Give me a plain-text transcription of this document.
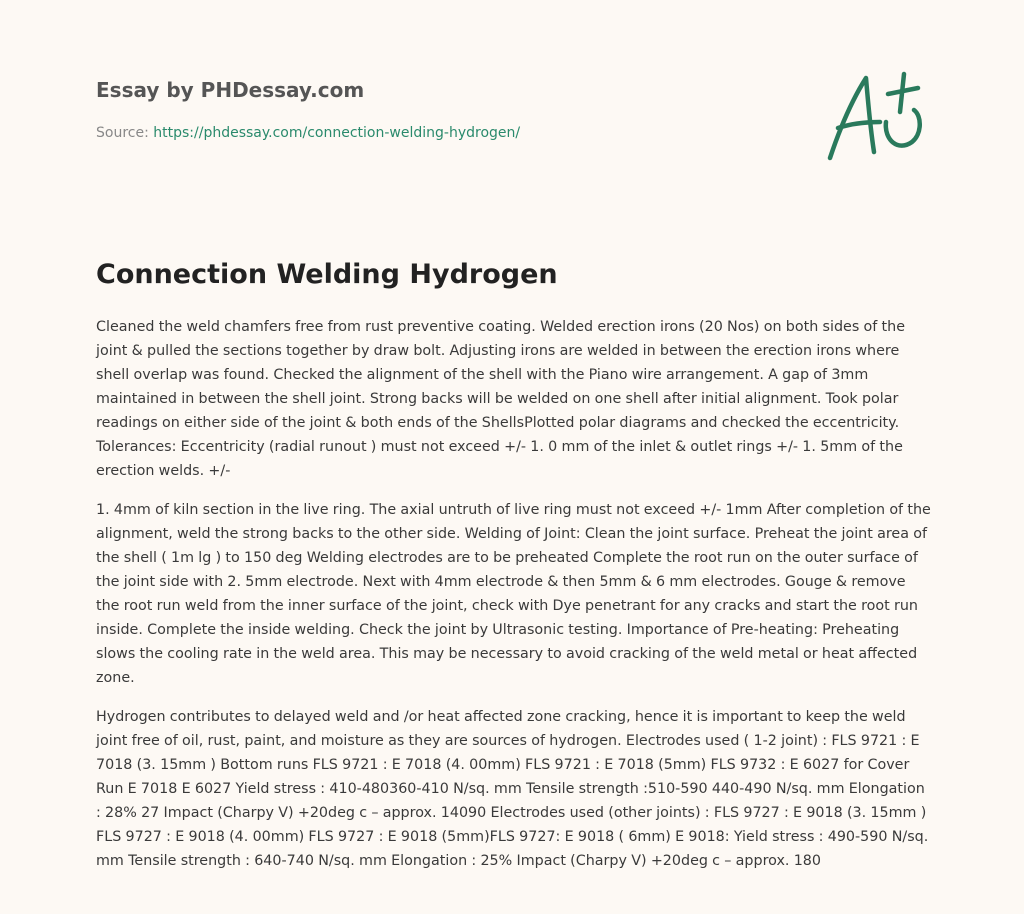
Essay by PHDessay.com
Source: https://phdessay.com/connection-welding-hydrogen/
Connection Welding Hydrogen

Cleaned the weld chamfers free from rust preventive coating. Welded erection irons (20 Nos) on both sides of the joint & pulled the sections together by draw bolt. Adjusting irons are welded in between the erection irons where shell overlap was found. Checked the alignment of the shell with the Piano wire arrangement. A gap of 3mm maintained in between the shell joint. Strong backs will be welded on one shell after initial alignment. Took polar readings on either side of the joint & both ends of the ShellsPlotted polar diagrams and checked the eccentricity. Tolerances: Eccentricity (radial runout ) must not exceed +/- 1. 0 mm of the inlet & outlet rings +/- 1. 5mm of the erection welds. +/-

1. 4mm of kiln section in the live ring. The axial untruth of live ring must not exceed +/- 1mm After completion of the alignment, weld the strong backs to the other side. Welding of Joint: Clean the joint surface. Preheat the joint area of the shell ( 1m lg ) to 150 deg Welding electrodes are to be preheated Complete the root run on the outer surface of the joint side with 2. 5mm electrode. Next with 4mm electrode & then 5mm & 6 mm electrodes. Gouge & remove the root run weld from the inner surface of the joint, check with Dye penetrant for any cracks and start the root run inside. Complete the inside welding. Check the joint by Ultrasonic testing. Importance of Pre-heating: Preheating slows the cooling rate in the weld area. This may be necessary to avoid cracking of the weld metal or heat affected zone.

Hydrogen contributes to delayed weld and /or heat affected zone cracking, hence it is important to keep the weld joint free of oil, rust, paint, and moisture as they are sources of hydrogen. Electrodes used ( 1-2 joint) : FLS 9721 : E 7018 (3. 15mm ) Bottom runs FLS 9721 : E 7018 (4. 00mm) FLS 9721 : E 7018 (5mm) FLS 9732 : E 6027 for Cover Run E 7018 E 6027 Yield stress : 410-480360-410 N/sq. mm Tensile strength :510-590 440-490 N/sq. mm Elongation : 28% 27 Impact (Charpy V) +20deg c – approx. 14090 Electrodes used (other joints) : FLS 9727 : E 9018 (3. 15mm ) FLS 9727 : E 9018 (4. 00mm) FLS 9727 : E 9018 (5mm)FLS 9727: E 9018 ( 6mm) E 9018: Yield stress : 490-590 N/sq. mm Tensile strength : 640-740 N/sq. mm Elongation : 25% Impact (Charpy V) +20deg c – approx. 180
